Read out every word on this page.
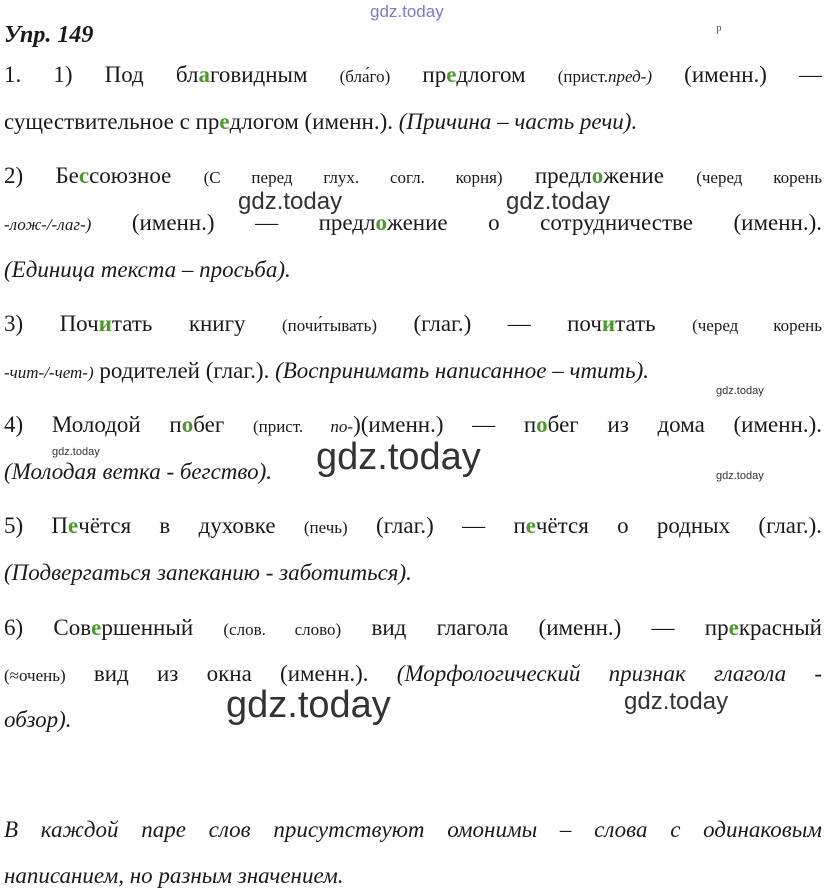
gdz.today
Упр. 149	ᵖ
1. 1) Под благовидным (бла́го) предлогом (прист.пред-) (именн.) —
существительное с предлогом (именн.). (Причина – часть речи).
2) Бессоюзное (С перед глух. согл. корня) предложение (черед корень
-лож-/-лаг-) (именн.) — предложение о сотрудничестве (именн.).
(Единица текста – просьба).
gdz.today	gdz.today
3) Почитать книгу (почи́тывать) (глаг.) — почитать (черед корень
-чит-/-чет-) родителей (глаг.). (Воспринимать написанное – чтить).
gdz.today
4) Молодой побег (прист. по-)(именн.) — побег из дома (именн.).
(Молодая ветка - бегство).
gdz.today	gdz.today	gdz.today
5) Печётся в духовке (печь) (глаг.) — печётся о родных (глаг.).
(Подвергаться запеканию - заботиться).
6) Совершенный (слов. слово) вид глагола (именн.) — прекрасный
(≈очень) вид из окна (именн.). (Морфологический признак глагола -
обзор).	gdz.today	gdz.today
В каждой паре слов присутствуют омонимы – слова с одинаковым
написанием, но разным значением.
